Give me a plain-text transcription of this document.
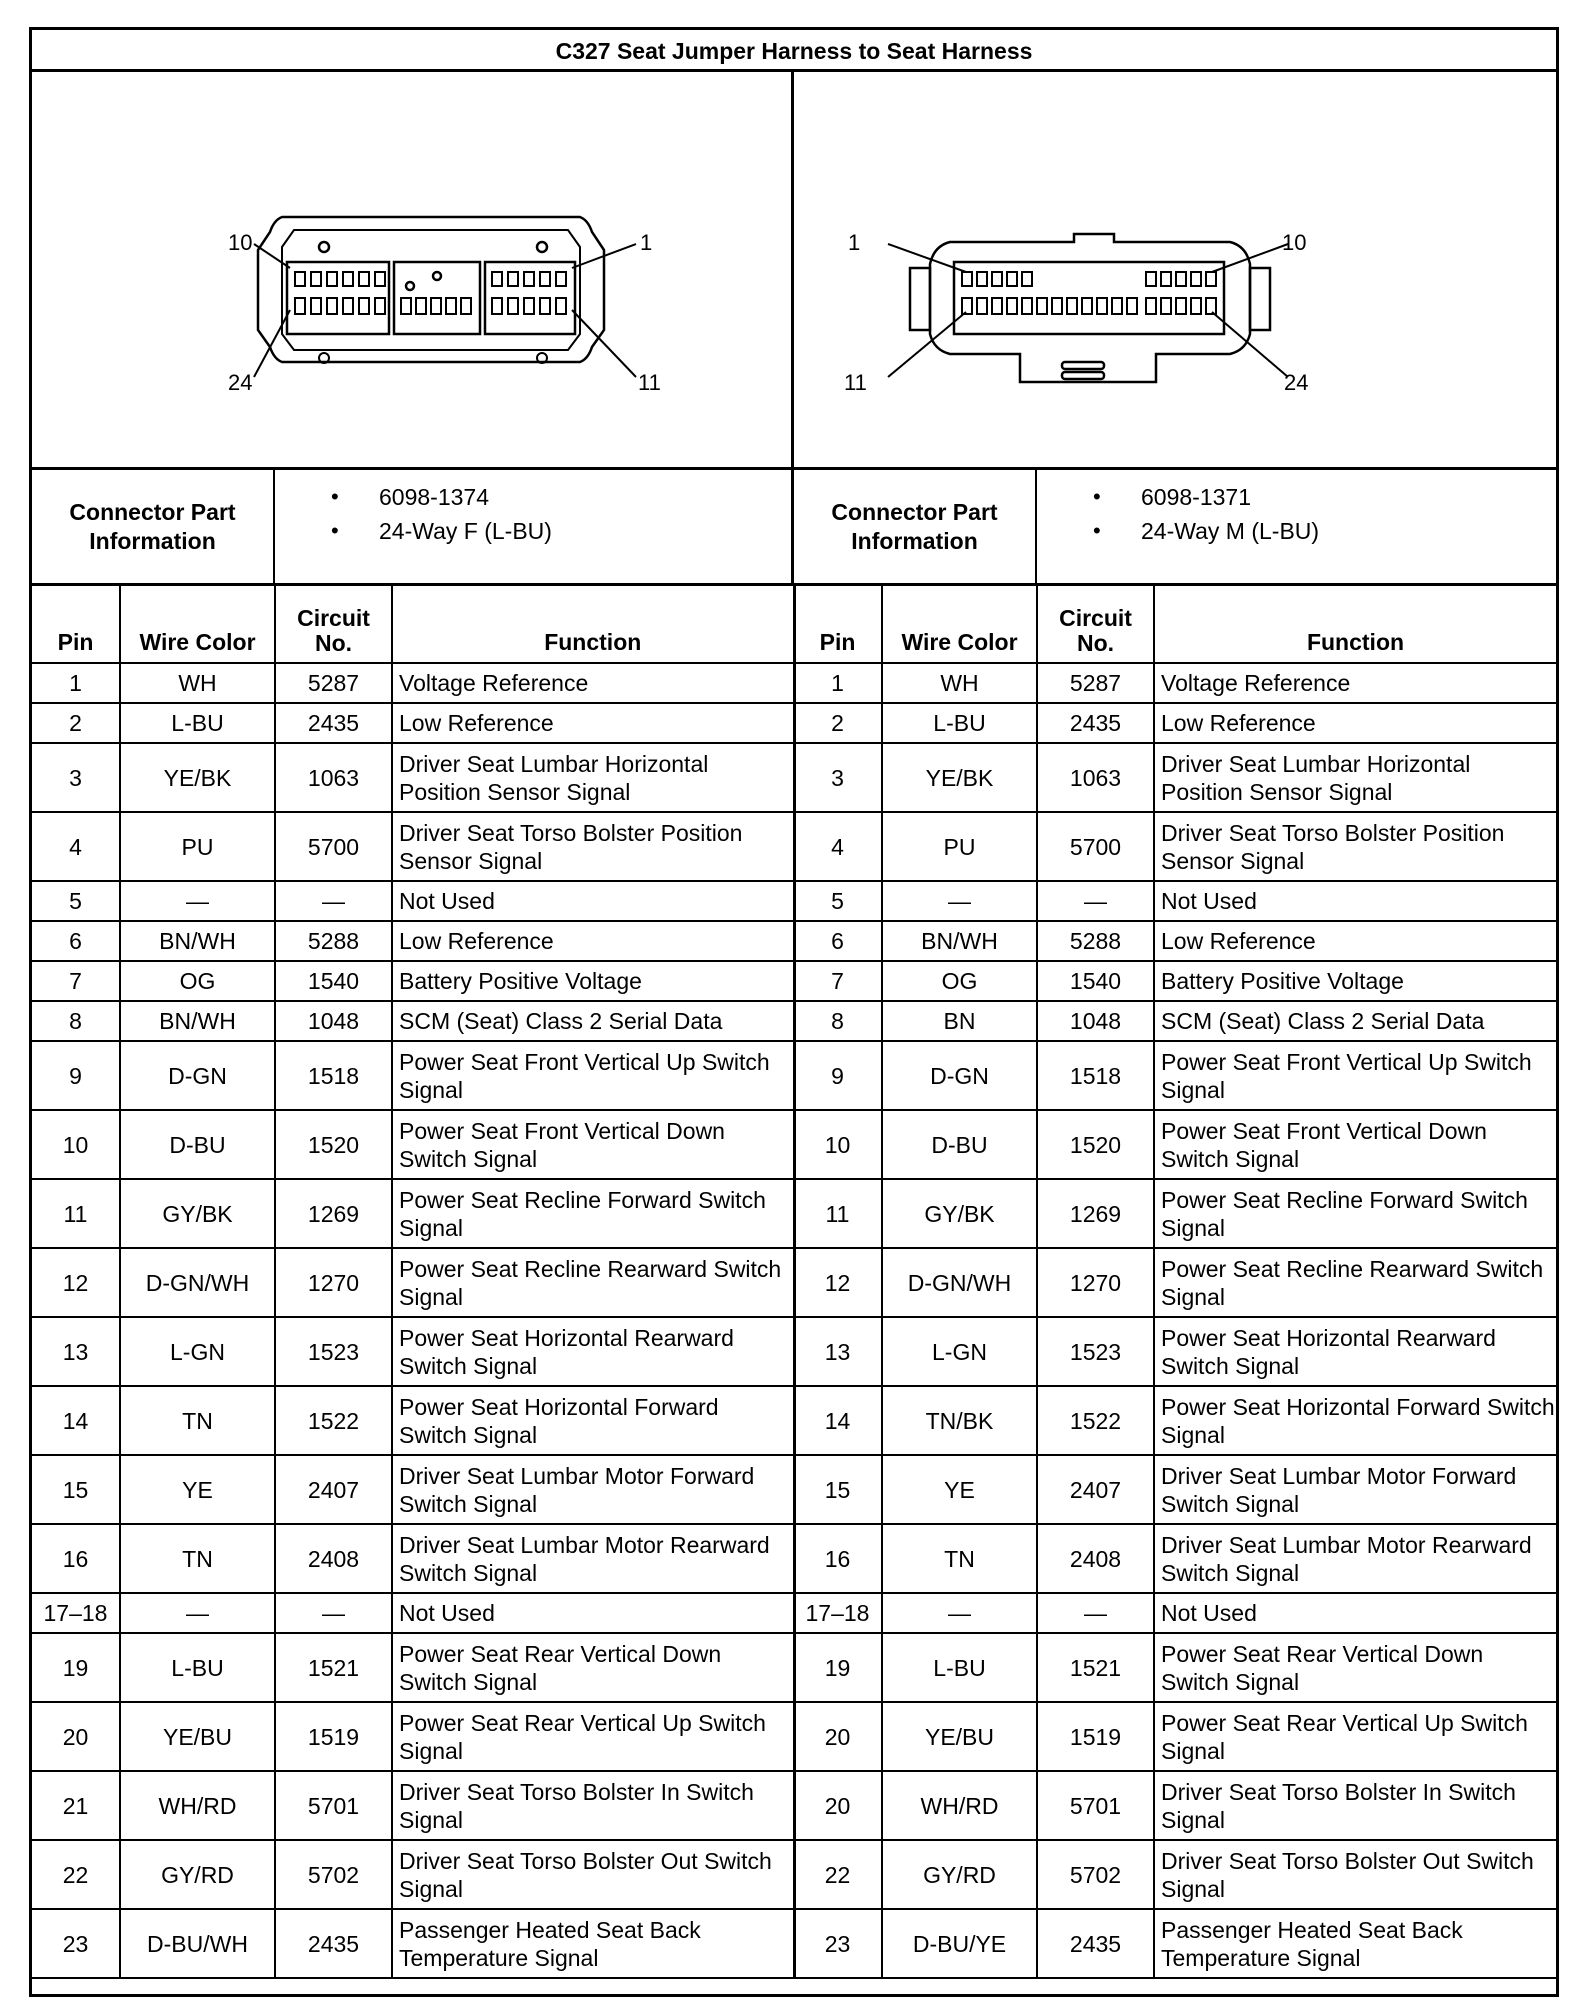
C327 Seat Jumper Harness to Seat Harness
10	1
24	11
1	10
11	24
Connector Part Information
• 6098-1374
• 24-Way F (L-BU)
Connector Part Information
• 6098-1371
• 24-Way M (L-BU)
Pin	Wire Color	Circuit No.	Function
1	WH	5287	Voltage Reference
2	L-BU	2435	Low Reference
3	YE/BK	1063	Driver Seat Lumbar Horizontal Position Sensor Signal
4	PU	5700	Driver Seat Torso Bolster Position Sensor Signal
5	—	—	Not Used
6	BN/WH	5288	Low Reference
7	OG	1540	Battery Positive Voltage
8	BN/WH	1048	SCM (Seat) Class 2 Serial Data
9	D-GN	1518	Power Seat Front Vertical Up Switch Signal
10	D-BU	1520	Power Seat Front Vertical Down Switch Signal
11	GY/BK	1269	Power Seat Recline Forward Switch Signal
12	D-GN/WH	1270	Power Seat Recline Rearward Switch Signal
13	L-GN	1523	Power Seat Horizontal Rearward Switch Signal
14	TN	1522	Power Seat Horizontal Forward Switch Signal
15	YE	2407	Driver Seat Lumbar Motor Forward Switch Signal
16	TN	2408	Driver Seat Lumbar Motor Rearward Switch Signal
17–18	—	—	Not Used
19	L-BU	1521	Power Seat Rear Vertical Down Switch Signal
20	YE/BU	1519	Power Seat Rear Vertical Up Switch Signal
21	WH/RD	5701	Driver Seat Torso Bolster In Switch Signal
22	GY/RD	5702	Driver Seat Torso Bolster Out Switch Signal
23	D-BU/WH	2435	Passenger Heated Seat Back Temperature Signal
Pin	Wire Color	Circuit No.	Function
1	WH	5287	Voltage Reference
2	L-BU	2435	Low Reference
3	YE/BK	1063	Driver Seat Lumbar Horizontal Position Sensor Signal
4	PU	5700	Driver Seat Torso Bolster Position Sensor Signal
5	—	—	Not Used
6	BN/WH	5288	Low Reference
7	OG	1540	Battery Positive Voltage
8	BN	1048	SCM (Seat) Class 2 Serial Data
9	D-GN	1518	Power Seat Front Vertical Up Switch Signal
10	D-BU	1520	Power Seat Front Vertical Down Switch Signal
11	GY/BK	1269	Power Seat Recline Forward Switch Signal
12	D-GN/WH	1270	Power Seat Recline Rearward Switch Signal
13	L-GN	1523	Power Seat Horizontal Rearward Switch Signal
14	TN/BK	1522	Power Seat Horizontal Forward Switch Signal
15	YE	2407	Driver Seat Lumbar Motor Forward Switch Signal
16	TN	2408	Driver Seat Lumbar Motor Rearward Switch Signal
17–18	—	—	Not Used
19	L-BU	1521	Power Seat Rear Vertical Down Switch Signal
20	YE/BU	1519	Power Seat Rear Vertical Up Switch Signal
20	WH/RD	5701	Driver Seat Torso Bolster In Switch Signal
22	GY/RD	5702	Driver Seat Torso Bolster Out Switch Signal
23	D-BU/YE	2435	Passenger Heated Seat Back Temperature Signal
